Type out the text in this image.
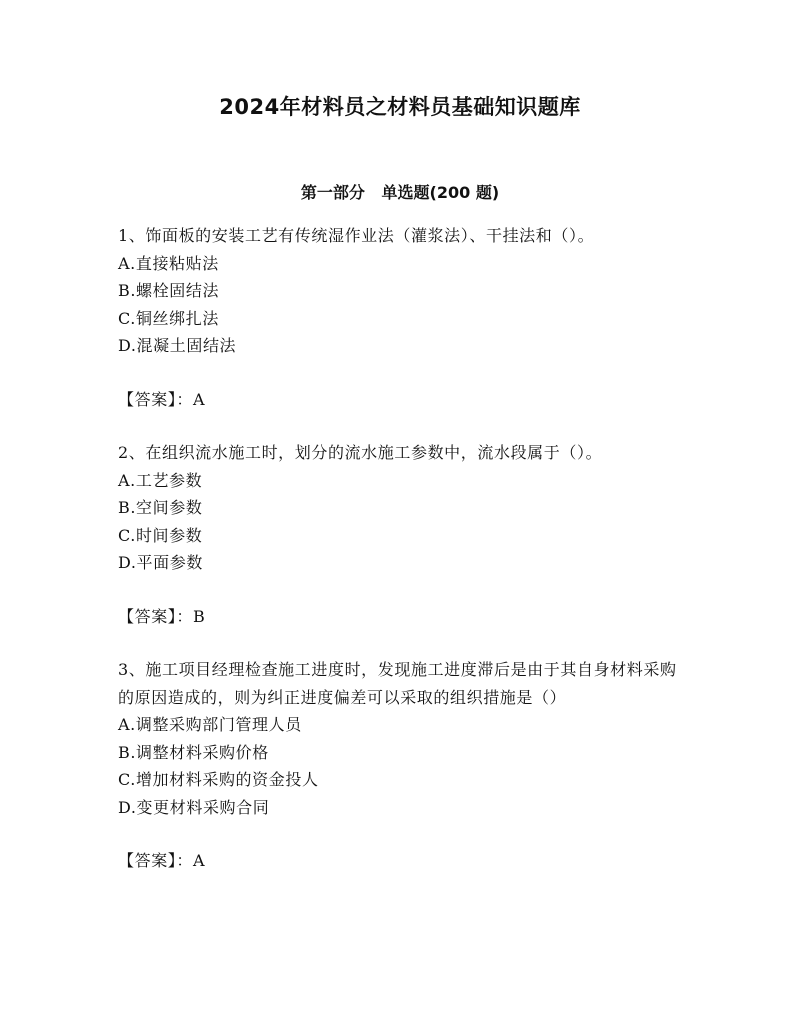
2024年材料员之材料员基础知识题库
第一部分   单选题(200 题)

1、饰面板的安装工艺有传统湿作业法（灌浆法）、干挂法和（）。

A.直接粘贴法

B.螺栓固结法

C.铜丝绑扎法

D.混凝土固结法

【答案】：A

2、在组织流水施工时，划分的流水施工参数中，流水段属于（）。

A.工艺参数

B.空间参数

C.时间参数

D.平面参数

【答案】：B

3、施工项目经理检查施工进度时，发现施工进度滞后是由于其自身材料采购的原因造成的，则为纠正进度偏差可以采取的组织措施是（）

A.调整采购部门管理人员

B.调整材料采购价格

C.增加材料采购的资金投人

D.变更材料采购合同

【答案】：A
